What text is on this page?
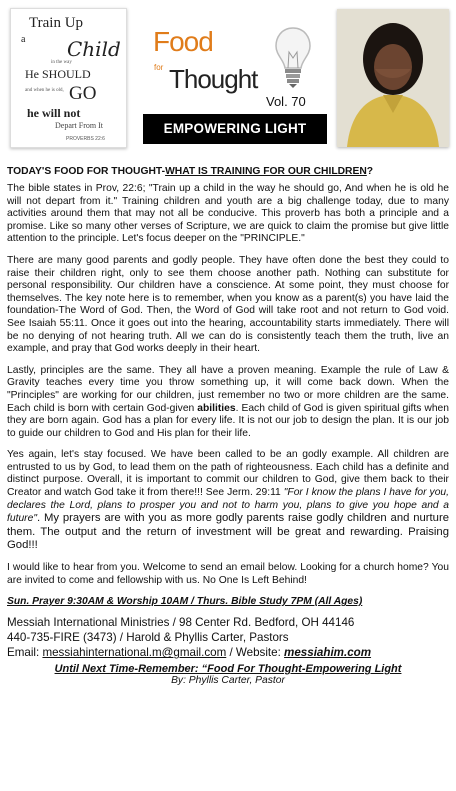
Train Up
a Child
in the way
He SHOULD
and when he is old, GO
he will not
Depart From It
PROVERBS 22:6
Food
for Thought
Vol. 70
EMPOWERING LIGHT

TODAY'S FOOD FOR THOUGHT-WHAT IS TRAINING FOR OUR CHILDREN?

The bible states in Prov, 22:6; "Train up a child in the way he should go, And when he is old he will not depart from it." Training children and youth are a big challenge today, due to many activities around them that may not all be conducive. This proverb has both a principle and a promise. Like so many other verses of Scripture, we are quick to claim the promise but give little attention to the principle. Let's focus deeper on the "PRINCIPLE."

There are many good parents and godly people. They have often done the best they could to raise their children right, only to see them choose another path. Nothing can substitute for personal responsibility. Our children have a conscience. At some point, they must choose for themselves. The key note here is to remember, when you know as a parent(s) you have laid the foundation-The Word of God. Then, the Word of God will take root and not return to God void. See Isaiah 55:11. Once it goes out into the hearing, accountability starts immediately. There will be no denying of not hearing truth. All we can do is consistently teach them the truth, live an example, and pray that God works deeply in their heart.

Lastly, principles are the same. They all have a proven meaning. Example the rule of Law & Gravity teaches every time you throw something up, it will come back down. When the "Principles" are working for our children, just remember no two or more children are the same. Each child is born with certain God-given abilities. Each child of God is given spiritual gifts when they are born again. God has a plan for every life. It is not our job to design the plan. It is our job to guide our children to God and His plan for their life.

Yes again, let's stay focused. We have been called to be an godly example. All children are entrusted to us by God, to lead them on the path of righteousness. Each child has a definite and distinct purpose. Overall, it is important to commit our children to God, give them back to their Creator and watch God take it from there!!! See Jerm. 29:11 "For I know the plans I have for you, declares the Lord, plans to prosper you and not to harm you, plans to give you hope and a future". My prayers are with you as more godly parents raise godly children and nurture them. The output and the return of investment will be great and rewarding. Praising God!!!

I would like to hear from you. Welcome to send an email below. Looking for a church home? You are invited to come and fellowship with us. No One Is Left Behind!

Sun. Prayer 9:30AM & Worship 10AM / Thurs. Bible Study 7PM (All Ages)

Messiah International Ministries / 98 Center Rd. Bedford, OH 44146

440-735-FIRE (3473) / Harold & Phyllis Carter, Pastors

Email: messiahinternational.m@gmail.com / Website: messiahim.com

Until Next Time-Remember: “Food For Thought-Empowering Light

By: Phyllis Carter, Pastor
